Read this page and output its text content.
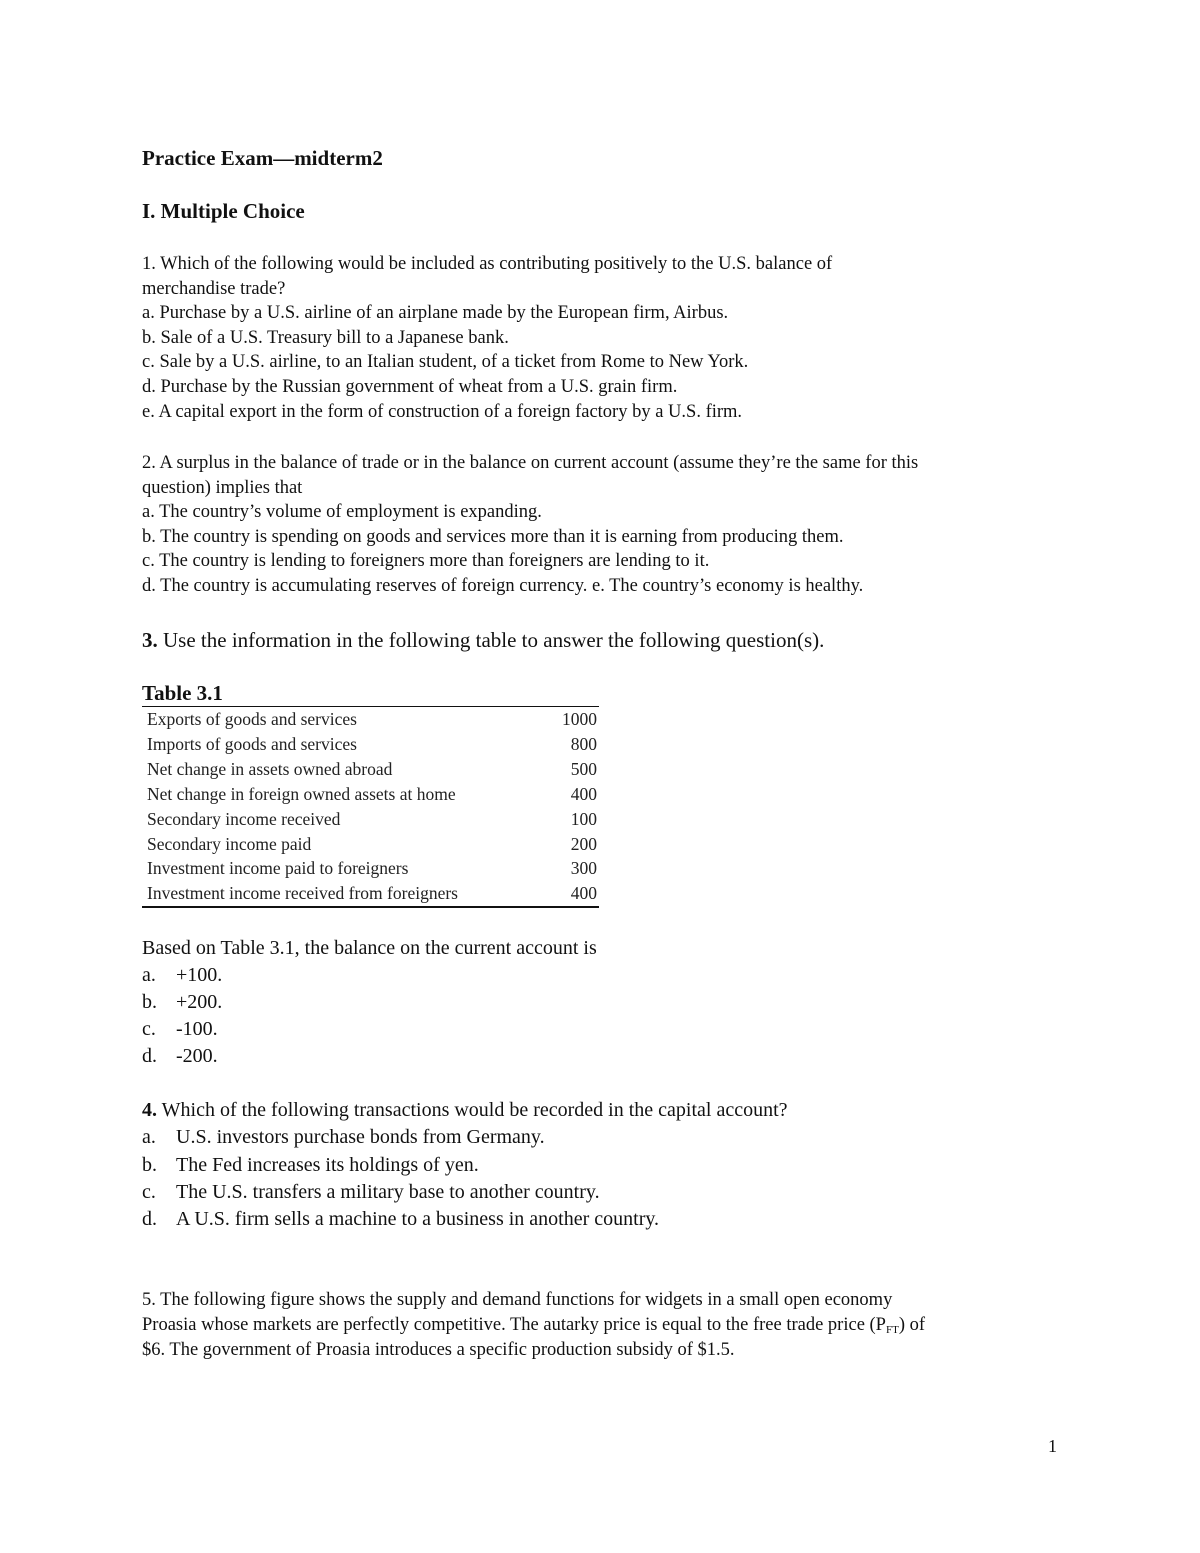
Practice Exam—midterm2
I. Multiple Choice
1. Which of the following would be included as contributing positively to the U.S. balance of
merchandise trade?
a. Purchase by a U.S. airline of an airplane made by the European firm, Airbus.
b. Sale of a U.S. Treasury bill to a Japanese bank.
c. Sale by a U.S. airline, to an Italian student, of a ticket from Rome to New York.
d. Purchase by the Russian government of wheat from a U.S. grain firm.
e. A capital export in the form of construction of a foreign factory by a U.S. firm.
2. A surplus in the balance of trade or in the balance on current account (assume they’re the same for this
question) implies that
a. The country’s volume of employment is expanding.
b. The country is spending on goods and services more than it is earning from producing them.
c. The country is lending to foreigners more than foreigners are lending to it.
d. The country is accumulating reserves of foreign currency. e. The country’s economy is healthy.
3. Use the information in the following table to answer the following question(s).
Table 3.1
Exports of goods and services	1000
Imports of goods and services	800
Net change in assets owned abroad	500
Net change in foreign owned assets at home	400
Secondary income received	100
Secondary income paid	200
Investment income paid to foreigners	300
Investment income received from foreigners	400
Based on Table 3.1, the balance on the current account is
a. +100.
b. +200.
c. -100.
d. -200.
4. Which of the following transactions would be recorded in the capital account?
a. U.S. investors purchase bonds from Germany.
b. The Fed increases its holdings of yen.
c. The U.S. transfers a military base to another country.
d. A U.S. firm sells a machine to a business in another country.
5. The following figure shows the supply and demand functions for widgets in a small open economy
Proasia whose markets are perfectly competitive. The autarky price is equal to the free trade price $(P_{FT})$ of
$6. The government of Proasia introduces a specific production subsidy of $1.5.
1
